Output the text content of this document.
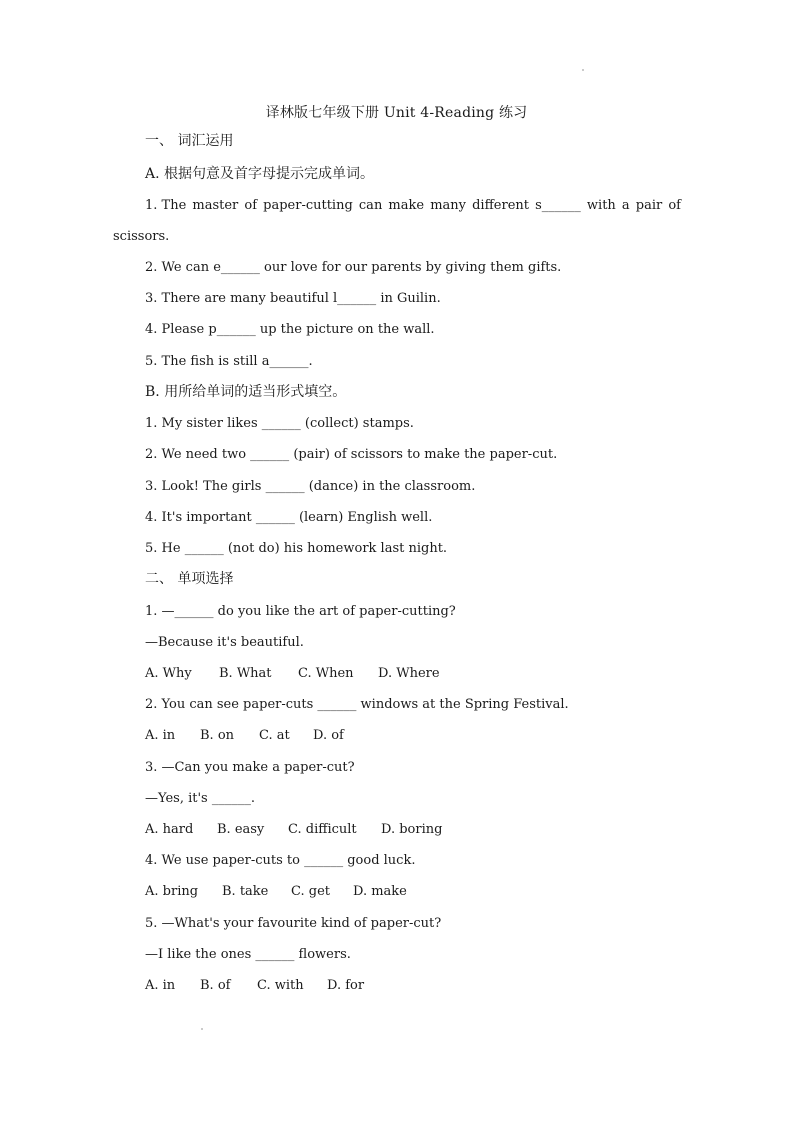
译林版七年级下册 Unit 4-Reading 练习
一、 词汇运用
A. 根据句意及首字母提示完成单词。
1. The master of paper-cutting can make many different s______ with a pair of
scissors.
2. We can e______ our love for our parents by giving them gifts.
3. There are many beautiful l______ in Guilin.
4. Please p______ up the picture on the wall.
5. The fish is still a______.
B. 用所给单词的适当形式填空。
1. My sister likes ______ (collect) stamps.
2. We need two ______ (pair) of scissors to make the paper-cut.
3. Look! The girls ______ (dance) in the classroom.
4. It's important ______ (learn) English well.
5. He ______ (not do) his homework last night.
二、 单项选择
1. —______ do you like the art of paper-cutting?
—Because it's beautiful.
A. Why B. What C. When D. Where
2. You can see paper-cuts ______ windows at the Spring Festival.
A. in B. on C. at D. of
3. —Can you make a paper-cut?
—Yes, it's ______.
A. hard B. easy C. difficult D. boring
4. We use paper-cuts to ______ good luck.
A. bring B. take C. get D. make
5. —What's your favourite kind of paper-cut?
—I like the ones ______ flowers.
A. in B. of C. with D. for
